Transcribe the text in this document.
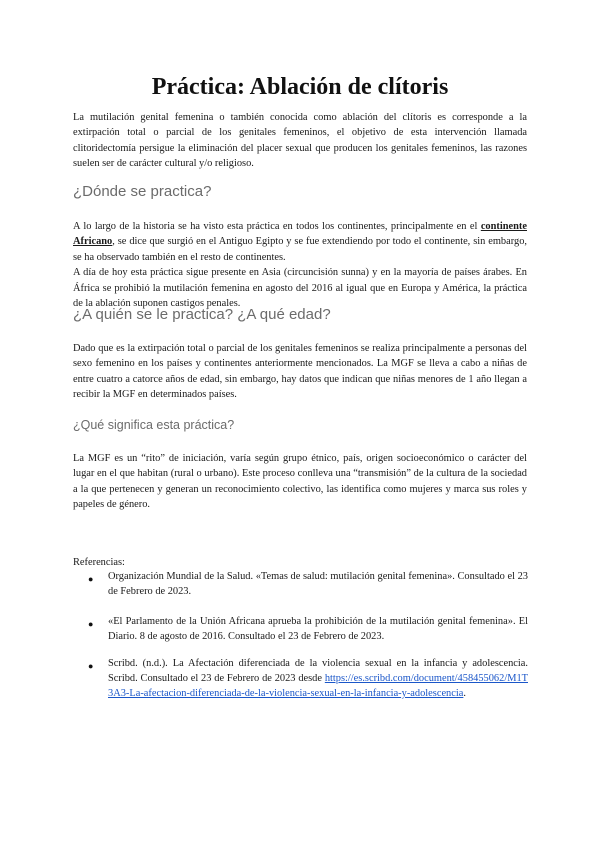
Práctica: Ablación de clítoris

La mutilación genital femenina o también conocida como ablación del clítoris es corresponde a la extirpación total o parcial de los genitales femeninos, el objetivo de esta intervención llamada clitoridectomía persigue la eliminación del placer sexual que producen los genitales femeninos, las razones suelen ser de carácter cultural y/o religioso.

¿Dónde se practica?

A lo largo de la historia se ha visto esta práctica en todos los continentes, principalmente en el continente Africano, se dice que surgió en el Antiguo Egipto y se fue extendiendo por todo el continente, sin embargo, se ha observado también en el resto de continentes.

A día de hoy esta práctica sigue presente en Asia (circuncisión sunna) y en la mayoría de países árabes. En África se prohibió la mutilación femenina en agosto del 2016 al igual que en Europa y América, la práctica de la ablación suponen castigos penales.

¿A quién se le practica? ¿A qué edad?

Dado que es la extirpación total o parcial de los genitales femeninos se realiza principalmente a personas del sexo femenino en los países y continentes anteriormente mencionados. La MGF se lleva a cabo a niñas de entre cuatro a catorce años de edad, sin embargo, hay datos que indican que niñas menores de 1 año llegan a recibir la MGF en determinados países.

¿Qué significa esta práctica?

La MGF es un “rito” de iniciación, varía según grupo étnico, país, origen socioeconómico o carácter del lugar en el que habitan (rural o urbano). Este proceso conlleva una “transmisión” de la cultura de la sociedad a la que pertenecen y generan un reconocimiento colectivo, las identifica como mujeres y marca sus roles y papeles de género.

Referencias:
● Organización Mundial de la Salud. «Temas de salud: mutilación genital femenina». Consultado el 23 de Febrero de 2023.
● «El Parlamento de la Unión Africana aprueba la prohibición de la mutilación genital femenina». El Diario. 8 de agosto de 2016. Consultado el 23 de Febrero de 2023.
● Scribd. (n.d.). La Afectación diferenciada de la violencia sexual en la infancia y adolescencia. Scribd. Consultado el 23 de Febrero de 2023 desde https://es.scribd.com/document/458455062/M1T3A3-La-afectacion-diferenciada-de-la-violencia-sexual-en-la-infancia-y-adolescencia.
